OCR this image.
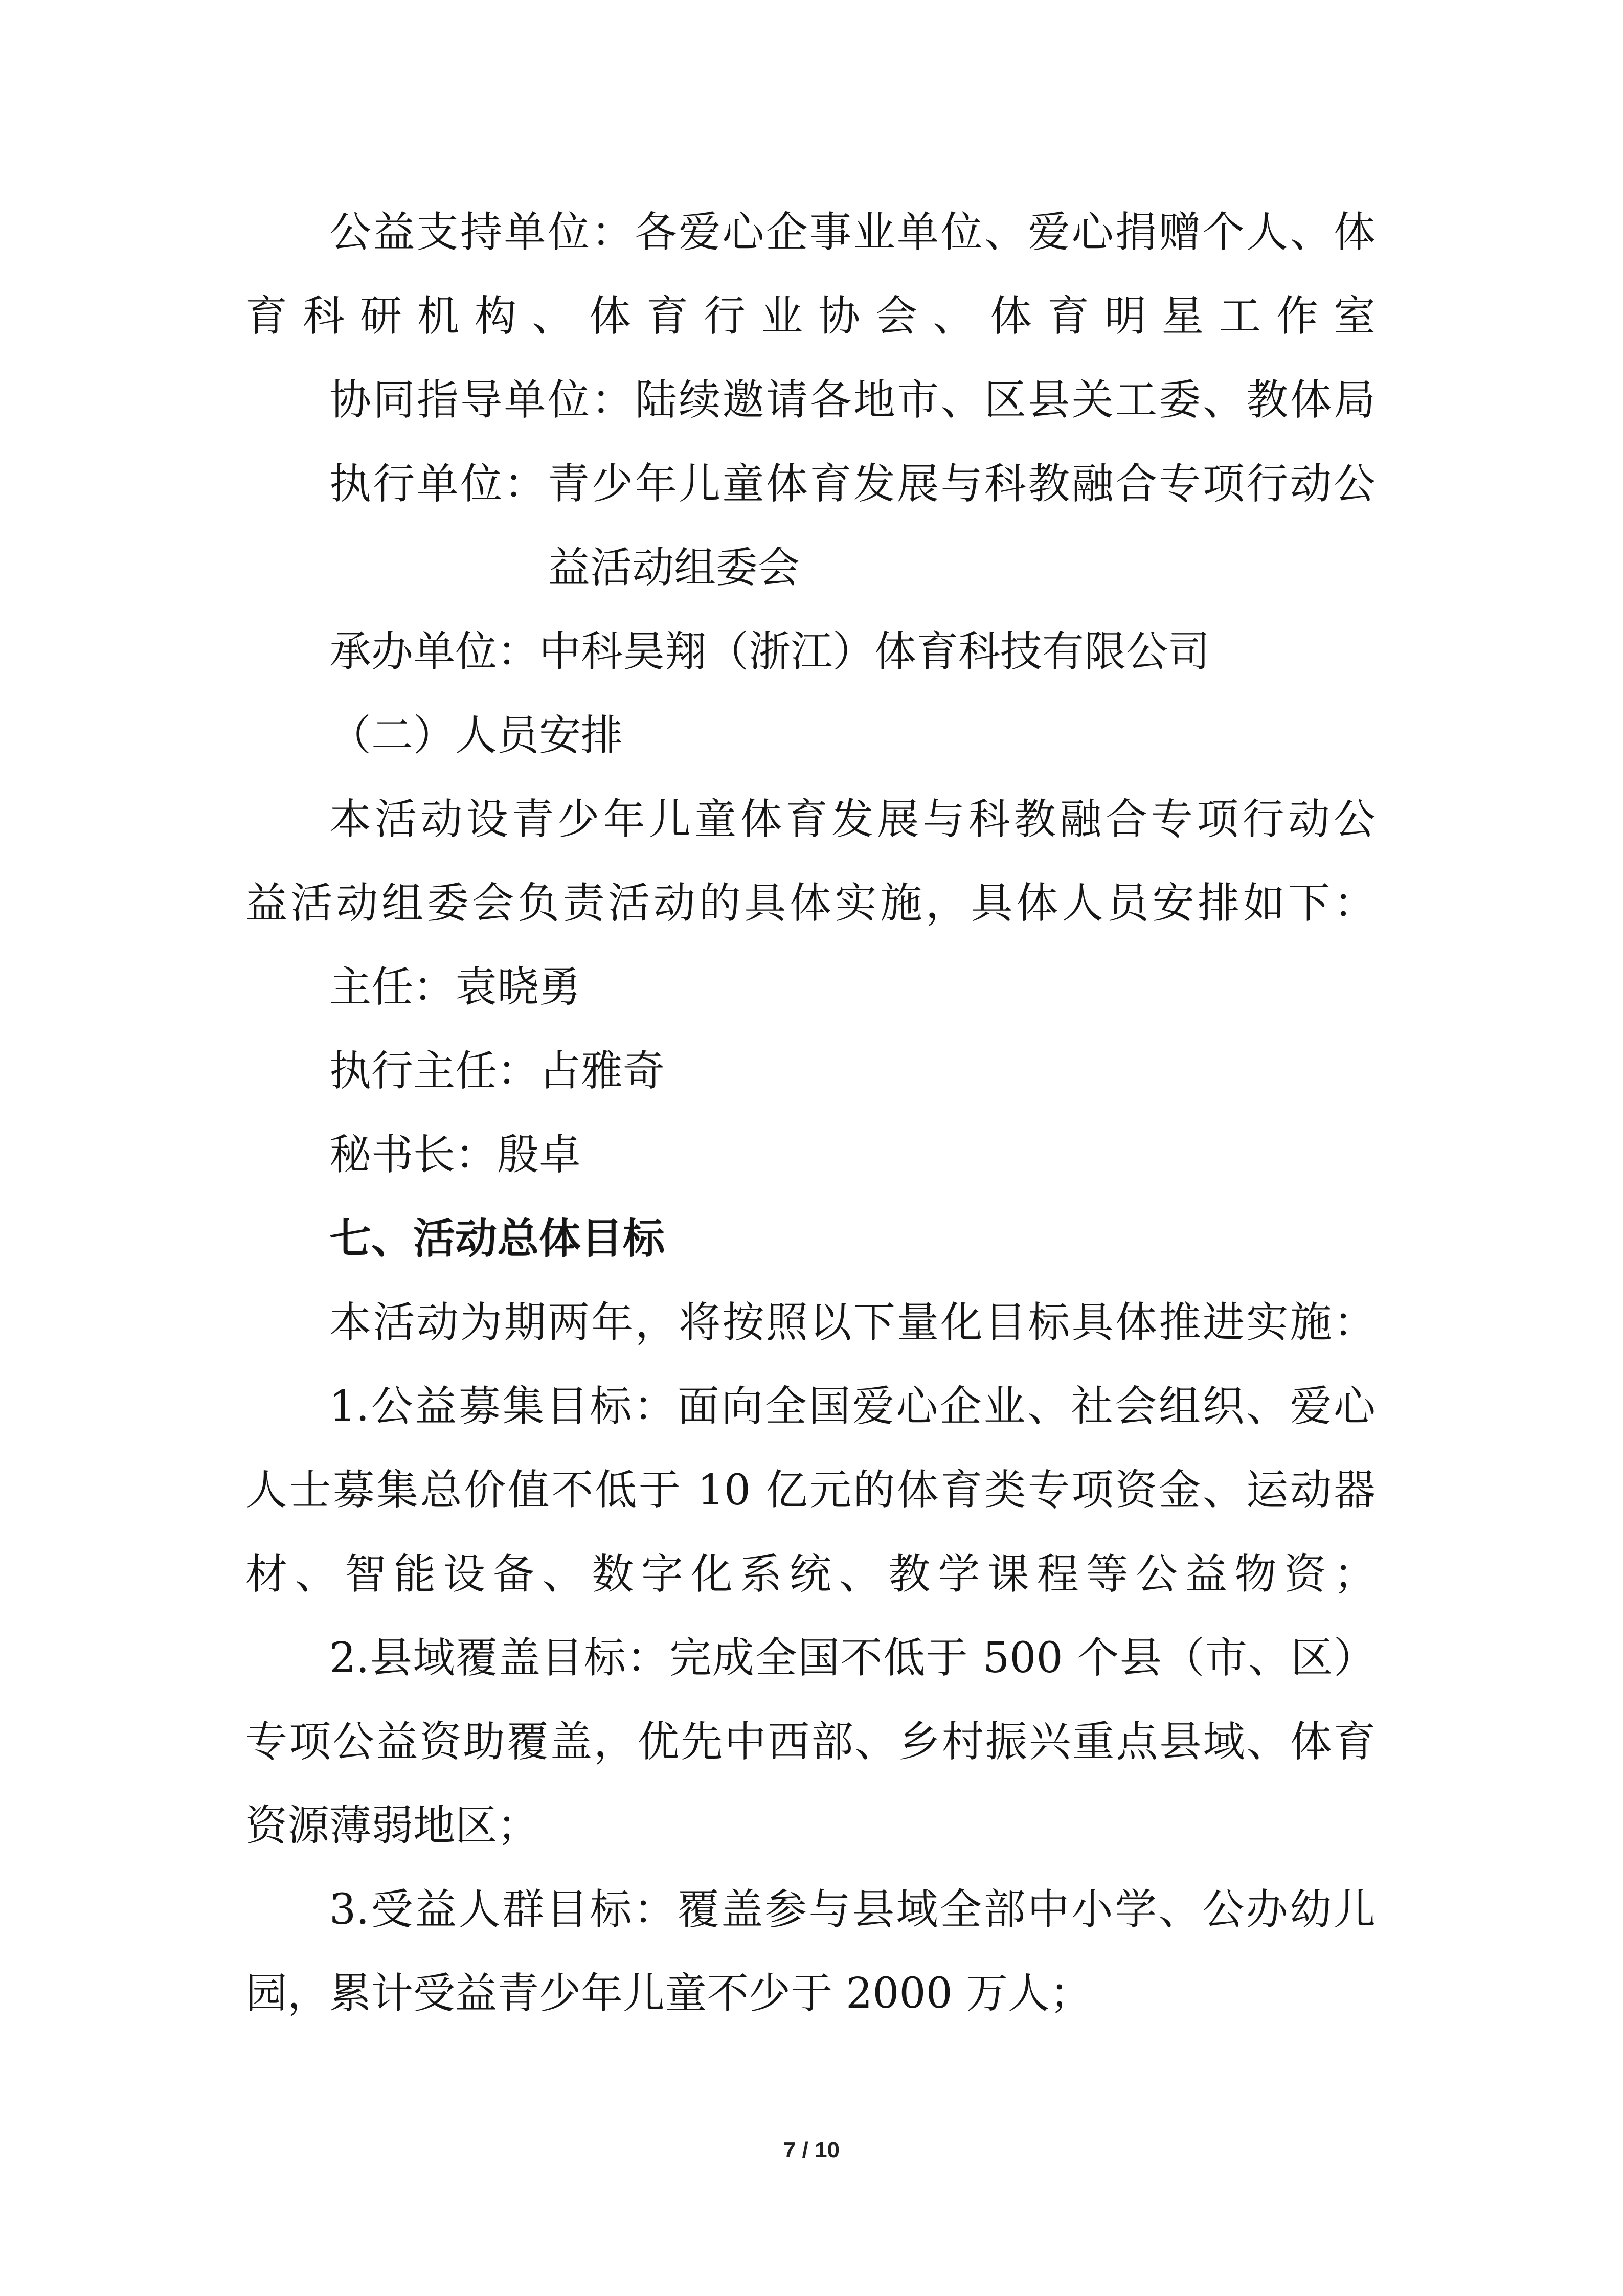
公益支持单位：各爱心企事业单位、爱心捐赠个人、体
育科研机构、体育行业协会、体育明星工作室
协同指导单位：陆续邀请各地市、区县关工委、教体局
执行单位：青少年儿童体育发展与科教融合专项行动公
益活动组委会
承办单位：中科昊翔（浙江）体育科技有限公司
（二）人员安排
本活动设青少年儿童体育发展与科教融合专项行动公
益活动组委会负责活动的具体实施，具体人员安排如下：
主任：袁晓勇
执行主任：占雅奇
秘书长：殷卓
七、活动总体目标
本活动为期两年，将按照以下量化目标具体推进实施：
1.公益募集目标：面向全国爱心企业、社会组织、爱心
人士募集总价值不低于 10 亿元的体育类专项资金、运动器
材、智能设备、数字化系统、教学课程等公益物资；
2.县域覆盖目标：完成全国不低于 500 个县（市、区）
专项公益资助覆盖，优先中西部、乡村振兴重点县域、体育
资源薄弱地区；
3.受益人群目标：覆盖参与县域全部中小学、公办幼儿
园，累计受益青少年儿童不少于 2000 万人；
7 / 10
